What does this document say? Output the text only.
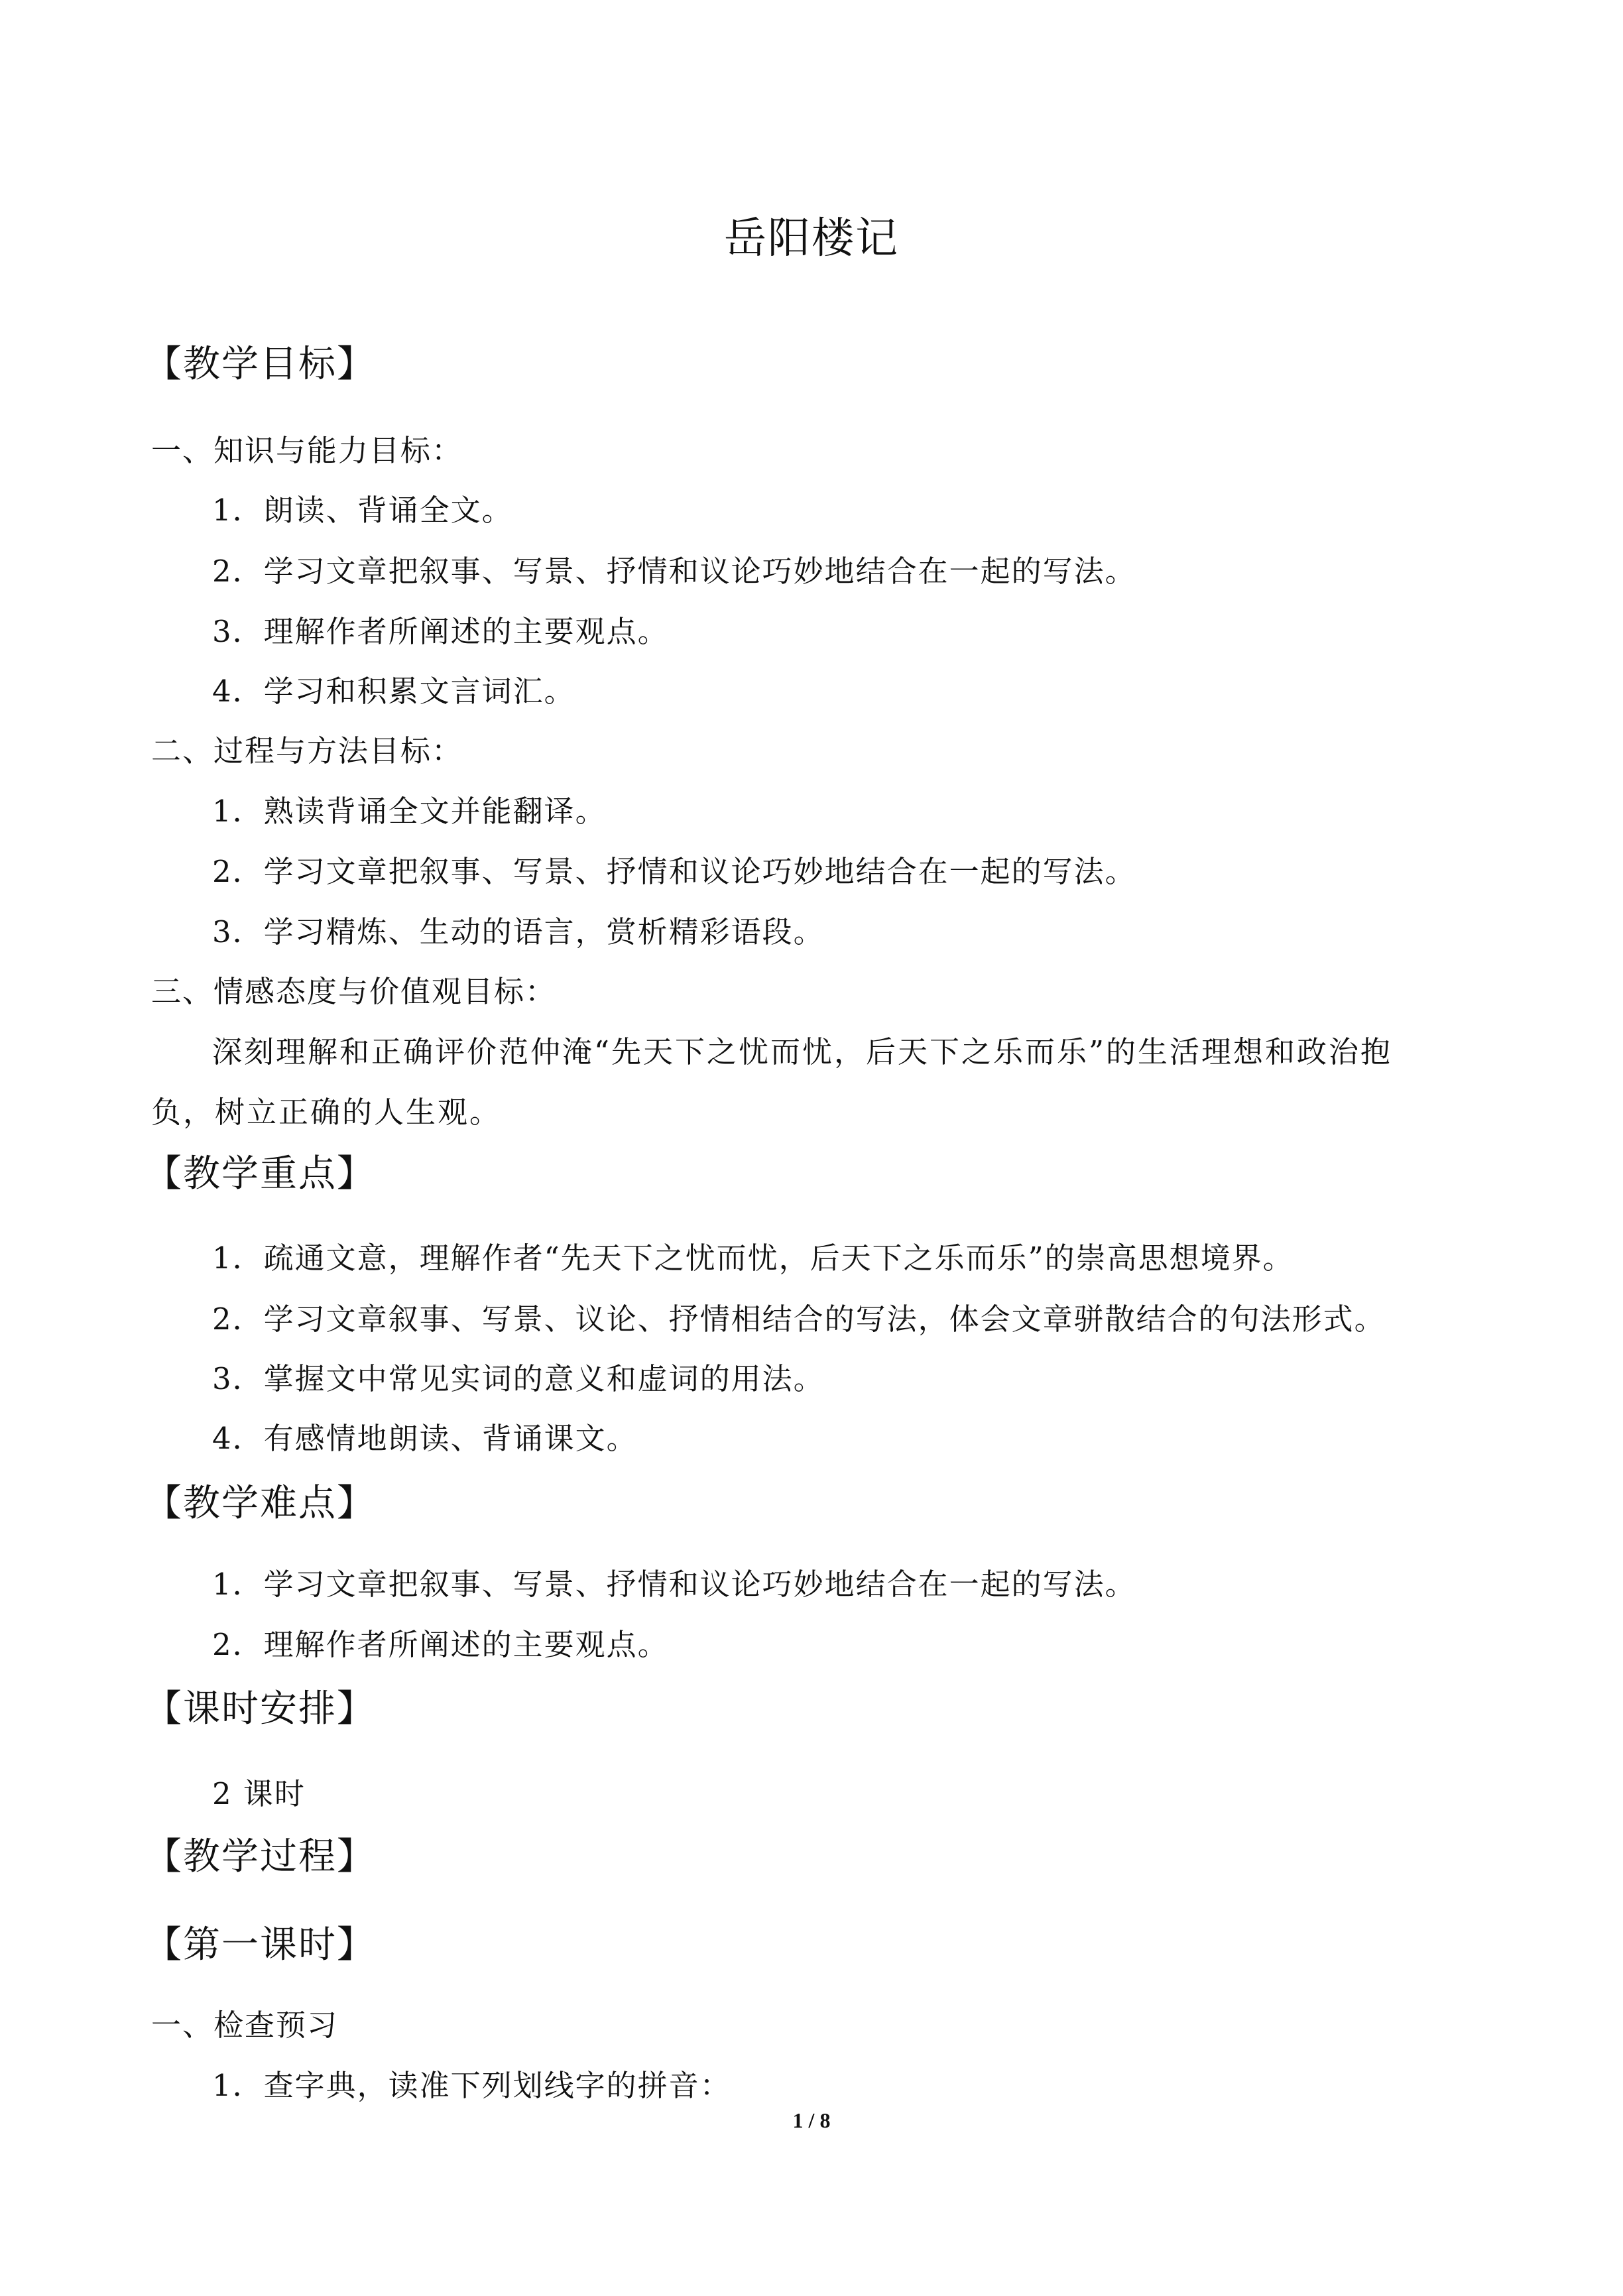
岳阳楼记
【教学目标】
一、知识与能力目标：
1．朗读、背诵全文。
2．学习文章把叙事、写景、抒情和议论巧妙地结合在一起的写法。
3．理解作者所阐述的主要观点。
4．学习和积累文言词汇。
二、过程与方法目标：
1．熟读背诵全文并能翻译。
2．学习文章把叙事、写景、抒情和议论巧妙地结合在一起的写法。
3．学习精炼、生动的语言，赏析精彩语段。
三、情感态度与价值观目标：
深刻理解和正确评价范仲淹“先天下之忧而忧，后天下之乐而乐”的生活理想和政治抱
负，树立正确的人生观。
【教学重点】
1．疏通文意，理解作者“先天下之忧而忧，后天下之乐而乐”的崇高思想境界。
2．学习文章叙事、写景、议论、抒情相结合的写法，体会文章骈散结合的句法形式。
3．掌握文中常见实词的意义和虚词的用法。
4．有感情地朗读、背诵课文。
【教学难点】
1．学习文章把叙事、写景、抒情和议论巧妙地结合在一起的写法。
2．理解作者所阐述的主要观点。
【课时安排】
2 课时
【教学过程】
【第一课时】
一、检查预习
1．查字典，读准下列划线字的拼音：
1 / 8
